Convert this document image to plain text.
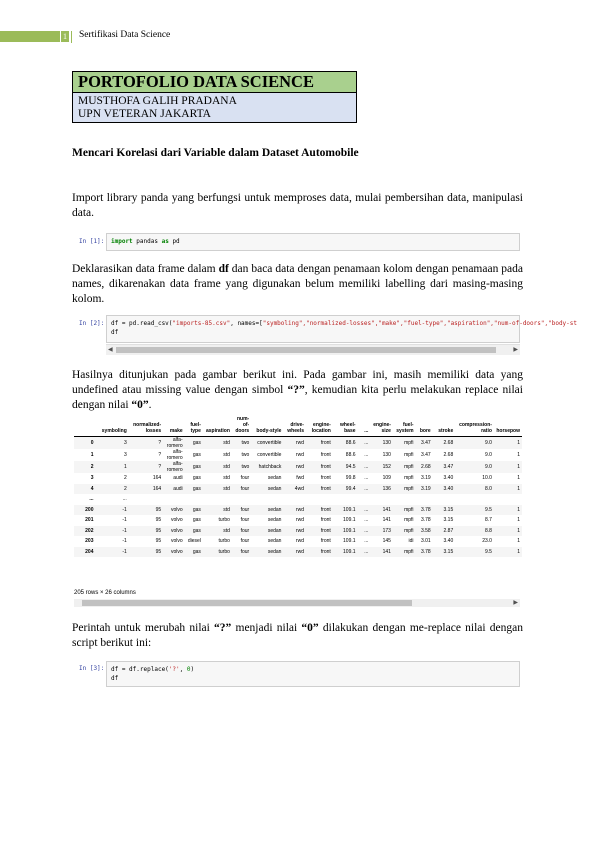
1 Sertifikasi Data Science
PORTOFOLIO DATA SCIENCE
MUSTHOFA GALIH PRADANA
UPN VETERAN JAKARTA
Mencari Korelasi dari Variable dalam Dataset Automobile
Import library panda yang berfungsi untuk memproses data, mulai pembersihan data, manipulasi data.
In [1]:	import pandas as pd
Deklarasikan data frame dalam df dan baca data dengan penamaan kolom dengan penamaan pada names, dikarenakan data frame yang digunakan belum memiliki labelling dari masing-masing kolom.
In [2]:	df = pd.read_csv("imports-85.csv", names=["symboling","normalized-losses","make","fuel-type","aspiration","num-of-doors","body-st
df
◀	▶
Hasilnya ditunjukan pada gambar berikut ini. Pada gambar ini, masih memiliki data yang undefined atau missing value dengan simbol “?”, kemudian kita perlu melakukan replace nilai dengan nilai “0”.
	symboling	normalized-losses	make	fuel-type	aspiration	num-of-doors	body-style	drive-wheels	engine-location	wheel-base	...	engine-size	fuel-system	bore	stroke	compression-ratio	horsepow
0	3	?	alfa-romero	gas	std	two	convertible	rwd	front	88.6	...	130	mpfi	3.47	2.68	9.0	1
1	3	?	alfa-romero	gas	std	two	convertible	rwd	front	88.6	...	130	mpfi	3.47	2.68	9.0	1
2	1	?	alfa-romero	gas	std	two	hatchback	rwd	front	94.5	...	152	mpfi	2.68	3.47	9.0	1
3	2	164	audi	gas	std	four	sedan	fwd	front	99.8	...	109	mpfi	3.19	3.40	10.0	1
4	2	164	audi	gas	std	four	sedan	4wd	front	99.4	...	136	mpfi	3.19	3.40	8.0	1
...	...																
200	-1	95	volvo	gas	std	four	sedan	rwd	front	109.1	...	141	mpfi	3.78	3.15	9.5	1
201	-1	95	volvo	gas	turbo	four	sedan	rwd	front	109.1	...	141	mpfi	3.78	3.15	8.7	1
202	-1	95	volvo	gas	std	four	sedan	rwd	front	109.1	...	173	mpfi	3.58	2.87	8.8	1
203	-1	95	volvo	diesel	turbo	four	sedan	rwd	front	109.1	...	145	idi	3.01	3.40	23.0	1
204	-1	95	volvo	gas	turbo	four	sedan	rwd	front	109.1	...	141	mpfi	3.78	3.15	9.5	1
205 rows × 26 columns
▶
Perintah untuk merubah nilai “?” menjadi nilai “0” dilakukan dengan me-replace nilai dengan script berikut ini:
In [3]:	df = df.replace('?', 0)
df
